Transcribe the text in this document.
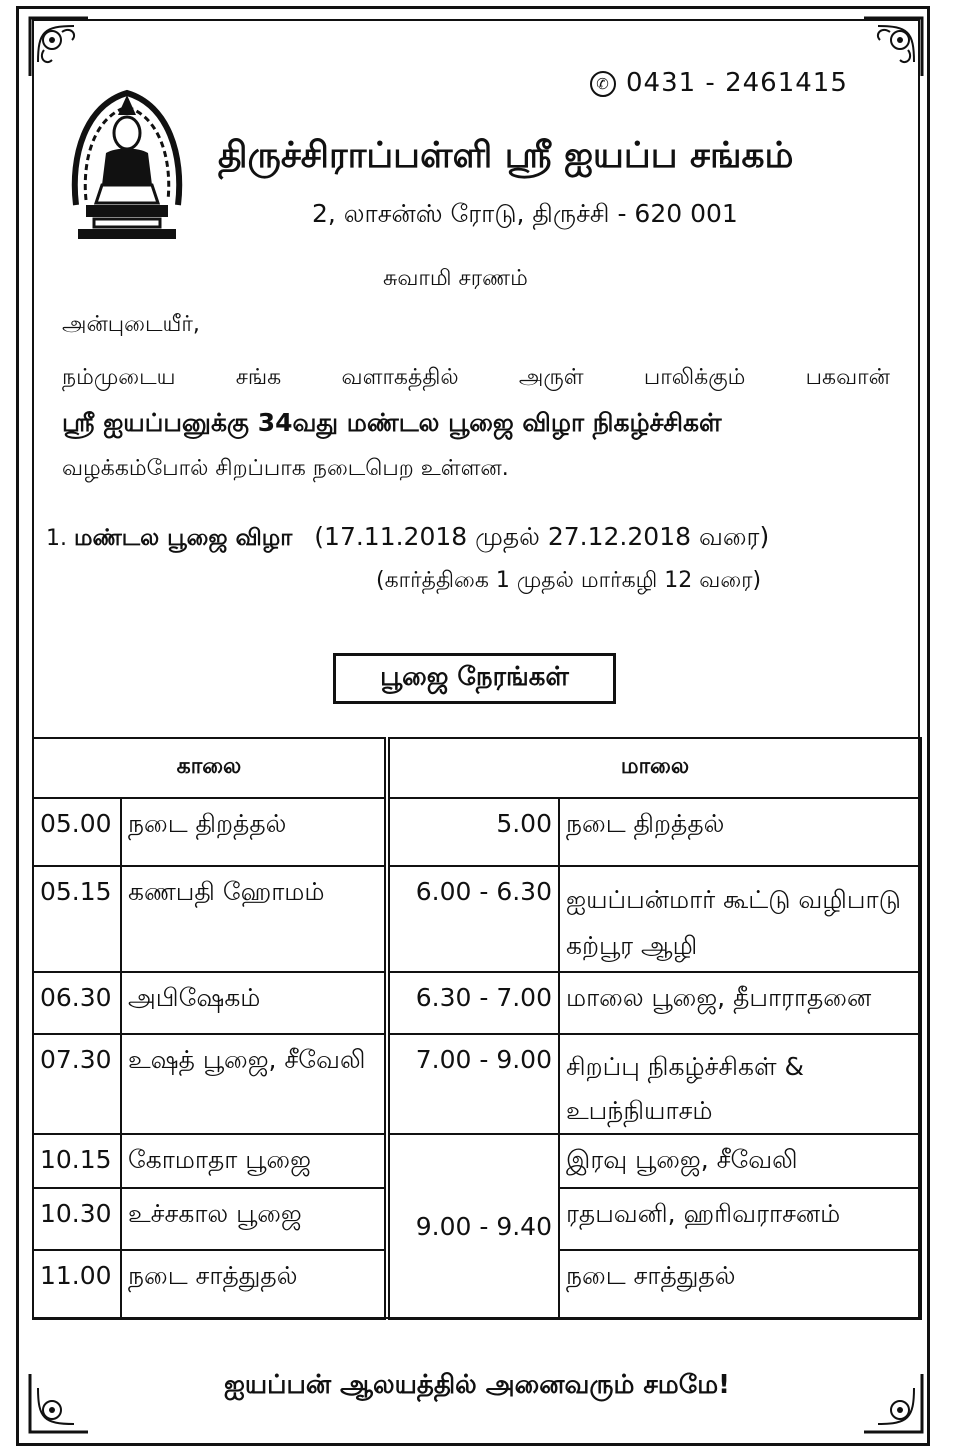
✆ 0431 - 2461415
திருச்சிராப்பள்ளி ஸ்ரீ ஐயப்ப சங்கம்
2, லாசன்ஸ் ரோடு, திருச்சி - 620 001
சுவாமி சரணம்
அன்புடையீர்,
நம்முடைய	சங்க	வளாகத்தில்	அருள்	பாலிக்கும்	பகவான்
ஸ்ரீ ஐயப்பனுக்கு 34வது மண்டல பூஜை விழா நிகழ்ச்சிகள்
வழக்கம்போல் சிறப்பாக நடைபெற உள்ளன.
1. மண்டல பூஜை விழா (17.11.2018 முதல் 27.12.2018 வரை)
(கார்த்திகை 1 முதல் மார்கழி 12 வரை)
பூஜை நேரங்கள்
காலை		மாலை	
05.00	நடை திறத்தல்	5.00	நடை திறத்தல்
05.15	கணபதி ஹோமம்	6.00 - 6.30	ஐயப்பன்மார் கூட்டு வழிபாடு கற்பூர ஆழி
06.30	அபிஷேகம்	6.30 - 7.00	மாலை பூஜை, தீபாராதனை
07.30	உஷத் பூஜை, சீவேலி	7.00 - 9.00	சிறப்பு நிகழ்ச்சிகள் & உபந்நியாசம்
10.15	கோமாதா பூஜை	9.00 - 9.40	இரவு பூஜை, சீவேலி
10.30	உச்சகால பூஜை		ரதபவனி, ஹரிவராசனம்
11.00	நடை சாத்துதல்		நடை சாத்துதல்
ஐயப்பன் ஆலயத்தில் அனைவரும் சமமே!
